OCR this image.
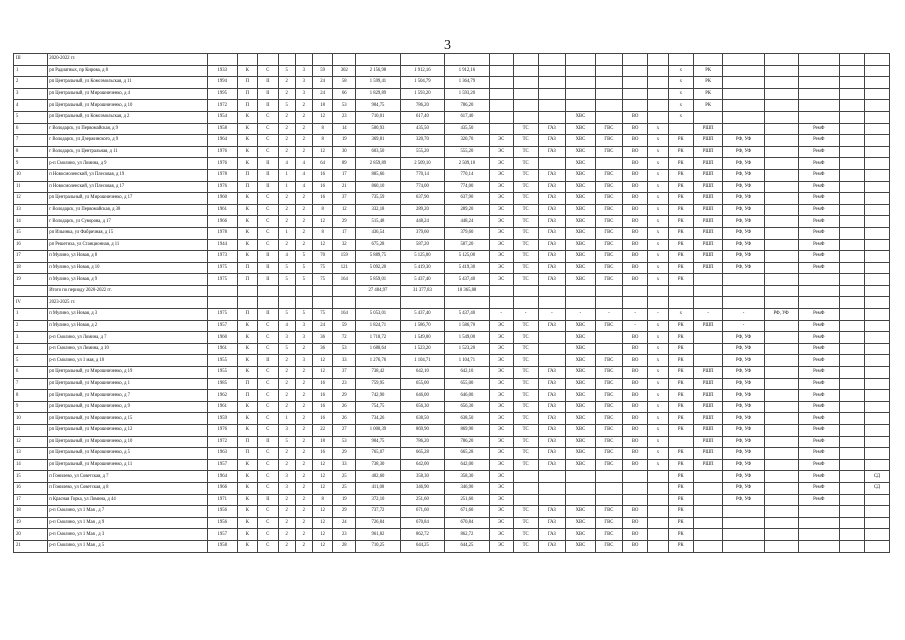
3
III	2020-2022 гг.																								
1	рп Радиатных, пр Кирова, д 8	1933	К	С	5	3	59	302	2 156,98	1 912,16	1 912,16								х	РК					
2	рп Центральный, ул Комсомольская, д 11	1994	П	II	2	3	24	58	1 599,41	1 504,79	1 364,79								х	РК					
3	рп Центральный, ул Мирошниченко, д 4	1995	П	II	2	3	24	66	1 829,89	1 593,20	1 593,20								х	РК					
4	рп Центральный, ул Мирошниченко, д 10	1972	П	II	5	2	18	53	904,75	786,20	786,20								х	РК					
5	рп Центральный, ул Комсомольская, д 2	1954	К	С	2	2	12	23	710,01	617,40	617,40				ХВС		ВО		х						
6	г Володарск, ул Первомайская, д 9	1958	К	С	2	2	8	14	500,93	435,50	435,50		ТС	ГАЗ	ХВС	ГВС	ВО	х		РШП			РемФ		
7	г Володарск, ул Дзержинского, д 9	1964	К	С	2	2	8	19	369,81	320,70	320,70	ЭС	ТС	ГАЗ	ХВС	ГВС	ВО	х	РК	РШП	РФ, УФ		РемФ		
8	г Володарск, ул Центральная, д 11	1976	К	С	2	2	12	30	603,50	555,20	555,20	ЭС	ТС	ГАЗ	ХВС	ГВС	ВО	х	РК	РШП	РФ, УФ		РемФ		
9	р-п Смолино, ул Ломина, д 9	1976	К	II	4	4	64	89	2 859,89	2 509,10	2 509,10	ЭС	ТС		ХВС		ВО	х	РК	РШП	РФ, УФ		РемФ		
10	п Новосмоленский, ул Плесовая, д 19	1978	П	II	1	4	16	17	885,66	770,14	770,14	ЭС	ТС	ГАЗ	ХВС	ГВС	ВО	х	РК	РШП	РФ, УФ		РемФ		
11	п Новосмоленский, ул Плесовая, д 17	1976	П	II	1	4	16	21	860,10	774,00	774,00	ЭС	ТС	ГАЗ	ХВС	ГВС	ВО	х	РК	РШП	РФ, УФ		РемФ		
12	рп Центральный, ул Мирошниченко, д 17	1960	К	С	2	2	16	37	735,59	637,90	637,90	ЭС	ТС	ГАЗ	ХВС	ГВС	ВО	х	РК	РШП	РФ, УФ		РемФ		
13	г Володарск, ул Первомайская, д 38	1961	К	С	2	2	8	12	332,18	289,20	289,20	ЭС	ТС	ГАЗ	ХВС	ГВС	ВО	х	РК	РШП	РФ, УФ		РемФ		
14	г Володарск, ул Суворова, д 17	1966	К	С	2	2	12	29	515,48	448,24	448,24	ЭС	ТС	ГАЗ	ХВС	ГВС	ВО	х	РК	РШП	РФ, УФ		РемФ		
15	рп Ильинка, ул Фабричная, д 15	1978	К	С	1	2	8	17	436,54	379,60	379,60	ЭС	ТС	ГАЗ	ХВС	ГВС	ВО	х	РК	РШП	РФ, УФ		РемФ		
16	рп Решетиха, ул Станционная, д 11	1944	К	С	2	2	12	32	675,28	587,20	587,20	ЭС	ТС	ГАЗ	ХВС	ГВС	ВО	х	РК	РШП	РФ, УФ		РемФ		
17	п Мулино, ул Новая, д 8	1973	К	II	4	5	70	159	5 889,75	5 125,00	5 125,00	ЭС	ТС	ГАЗ	ХВС	ГВС	ВО	х	РК	РШП	РФ, УФ		РемФ		
18	п Мулино, ул Новая, д 10	1975	П	II	5	5	75	121	5 092,20	5 419,30	5 419,30	ЭС	ТС	ГАЗ	ХВС	ГВС	ВО	х	РК	РШП	РФ, УФ		РемФ		
19	п Мулино, ул Новая, д 9	1975	П	II	5	5	75	164	5 859,01	5 437,40	5 437,40	ЭС	ТС	ГАЗ	ХВС	ГВС	ВО	х	РК						
	Итого по периоду 2020-2022 гг.								27 484,97	31 377,83	18 365,88														
IV	2023-2025 гг.																								
1	п Мулино, ул Новая, д 3	1975	П	II	5	5	75	164	5 053,01	5 437,40	5 437,40	-	-	-	-	-	-	-	х	-	-	РФ, УФ	РемФ		
2	п Мулино, ул Новая, д 2	1957	К	С	4	3	24	59	1 824,71	1 586,70	1 586,70	ЭС	ТС	ГАЗ	ХВС	ГВС	-	х	РК	РШП	-		РемФ		
3	р-п Смолино, ул Ломина, д 7	1960	К	С	3	3	36	72	1 718,72	1 549,00	1 549,00	ЭС	ТС		ХВС		ВО	х	РК		РФ, УФ		РемФ		
4	р-п Смолино, ул Ломина, д 10	1961	К	С	5	2	36	53	1 688,64	1 523,20	1 523,20	ЭС	ТС		ХВС		ВО	х	РК		РФ, УФ		РемФ		
5	р-п Смолино, ул 1 мая, д 10	1955	К	II	2	3	12	33	1 276,76	1 104,71	1 104,71	ЭС	ТС		ХВС	ГВС	ВО	х	РК		РФ, УФ		РемФ		
6	рп Центральный, ул Мирошниченко, д 19	1955	К	С	2	2	12	37	738,42	642,10	642,10	ЭС	ТС	ГАЗ	ХВС	ГВС	ВО	х	РК	РШП	РФ, УФ		РемФ		
7	рп Центральный, ул Мирошниченко, д 1	1985	П	С	2	2	16	23	759,95	655,00	655,00	ЭС	ТС	ГАЗ	ХВС	ГВС	ВО	х	РК	РШП	РФ, УФ		РемФ		
8	рп Центральный, ул Мирошниченко, д 7	1962	П	С	2	2	16	29	742,90	646,00	646,00	ЭС	ТС	ГАЗ	ХВС	ГВС	ВО	х	РК	РШП	РФ, УФ		РемФ		
9	рп Центральный, ул Мирошниченко, д 9	1961	К	С	2	2	16	26	754,75	656,30	656,30	ЭС	ТС	ГАЗ	ХВС	ГВС	ВО	х	РК	РШП	РФ, УФ		РемФ		
10	рп Центральный, ул Мирошниченко, д 15	1959	К	С	1	2	16	26	734,26	638,50	638,50	ЭС	ТС	ГАЗ	ХВС	ГВС	ВО	х	РК	РШП	РФ, УФ		РемФ		
11	рп Центральный, ул Мирошниченко, д 12	1976	К	С	3	2	22	27	1 000,39	869,90	869,90	ЭС	ТС	ГАЗ	ХВС	ГВС	ВО	х	РК	РШП	РФ, УФ		РемФ		
12	рп Центральный, ул Мирошниченко, д 10	1972	П	II	5	2	18	53	904,75	786,20	786,20	ЭС	ТС	ГАЗ	ХВС	ГВС	ВО	х		РШП	РФ, УФ		РемФ		
13	рп Центральный, ул Мирошниченко, д 5	1963	П	С	2	2	16	29	765,07	665,28	665,28	ЭС	ТС	ГАЗ	ХВС	ГВС	ВО	х	РК	РШП	РФ, УФ		РемФ		
14	рп Центральный, ул Мирошниченко, д 11	1957	К	С	2	2	12	33	738,30	642,00	642,00	ЭС	ТС	ГАЗ	ХВС	ГВС	ВО	х	РК	РШП	РФ, УФ		РемФ		
15	п Гомилево, ул Советская, д 7	1964	К	С	3	2	12	25	402,60	358,30	358,30	ЭС							РК		РФ, УФ		РемФ		СД
16	п Гомилево, ул Советская, д 8	1966	К	С	3	2	12	25	411,00	346,90	346,90	ЭС							РК		РФ, УФ		РемФ		СД
17	п Красная Горка, ул Ломина, д 44	1971	К	II	2	2	8	19	372,10	251,60	251,60	ЭС							РК		РФ, УФ		РемФ		
18	р-п Смолино, ул 1 Мая , д 7	1956	К	С	2	2	12	29	737,72	671,60	671,60	ЭС	ТС	ГАЗ	ХВС	ГВС	ВО		РК						
19	р-п Смолино, ул 1 Мая , д 9	1956	К	С	2	2	12	24	726,84	670,84	670,84	ЭС	ТС	ГАЗ	ХВС	ГВС	ВО		РК						
20	р-п Смолино, ул 1 Мая , д 3	1957	К	С	2	2	12	23	961,82	862,72	862,72	ЭС	ТС	ГАЗ	ХВС	ГВС	ВО		РК						
21	р-п Смолино, ул 1 Мая , д 5	1958	К	С	2	2	12	28	710,25	644,25	644,25	ЭС	ТС	ГАЗ	ХВС	ГВС	ВО		РК						
